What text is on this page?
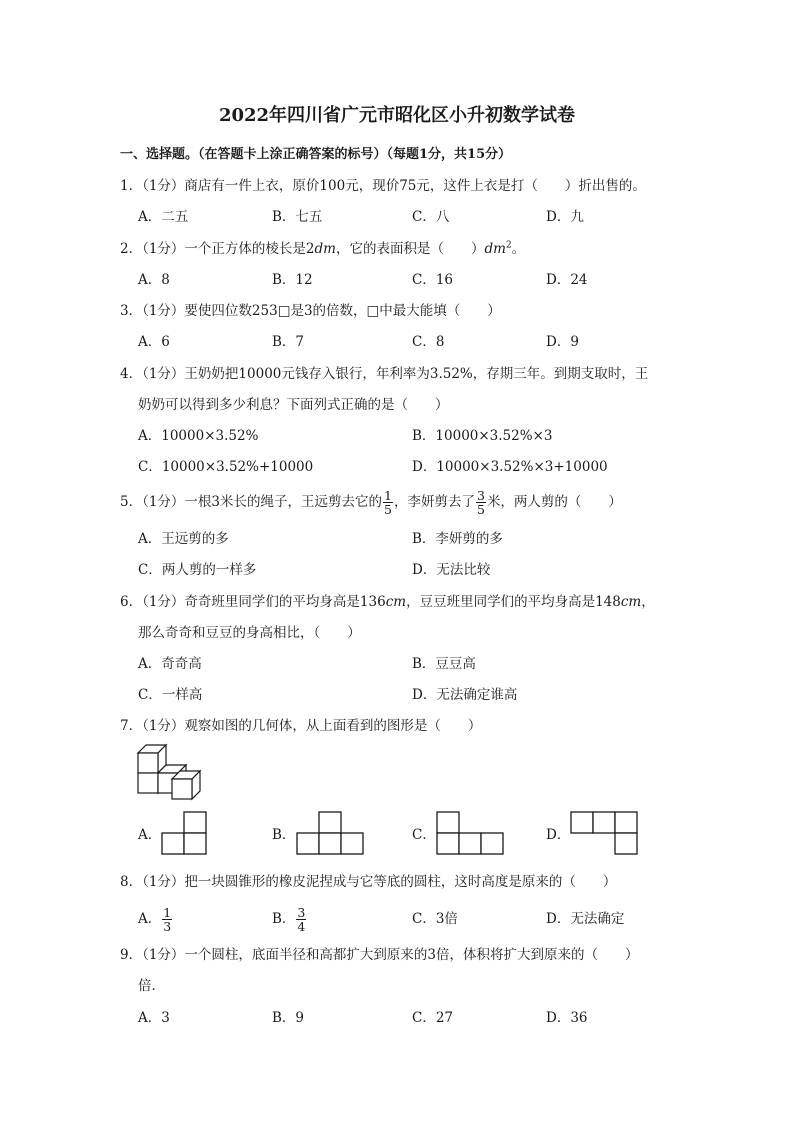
2022年四川省广元市昭化区小升初数学试卷
一、选择题。（在答题卡上涂正确答案的标号）（每题1分，共15分）
1．（1分）商店有一件上衣，原价100元，现价75元，这件上衣是打（　　）折出售的。
A．二五	B．七五	C．八	D．九
2．（1分）一个正方体的棱长是2dm，它的表面积是（　　）$dm^2$。
A．8	B．12	C．16	D．24
3．（1分）要使四位数253□是3的倍数，□中最大能填（　　）
A．6	B．7	C．8	D．9
4．（1分）王奶奶把10000元钱存入银行，年利率为3.52%，存期三年。到期支取时，王
奶奶可以得到多少利息？下面列式正确的是（　　）
A．10000×3.52%	B．10000×3.52%×3
C．10000×3.52%+10000	D．10000×3.52%×3+10000
5．（1分）一根3米长的绳子，王远剪去它的 $\frac{1}{5}$ ，李妍剪去了 $\frac{3}{5}$ 米，两人剪的（　　）
A．王远剪的多	B．李妍剪的多
C．两人剪的一样多	D．无法比较
6．（1分）奇奇班里同学们的平均身高是136cm，豆豆班里同学们的平均身高是148cm，
那么奇奇和豆豆的身高相比，（　　）
A．奇奇高	B．豆豆高
C．一样高	D．无法确定谁高
7．（1分）观察如图的几何体，从上面看到的图形是（　　）
A．	B．	C．	D．
8．（1分）把一块圆锥形的橡皮泥捏成与它等底的圆柱，这时高度是原来的（　　）
A． $\frac{1}{3}$	B． $\frac{3}{4}$	C．3倍	D．无法确定
9．（1分）一个圆柱，底面半径和高都扩大到原来的3倍，体积将扩大到原来的（　　）
倍．
A．3	B．9	C．27	D．36
